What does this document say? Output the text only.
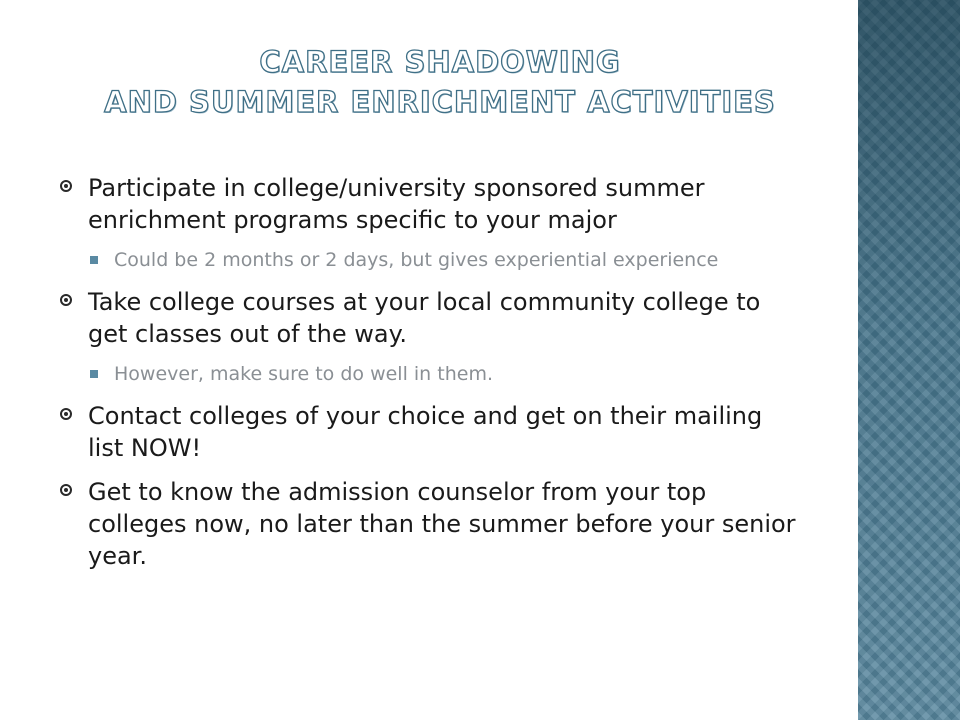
CAREER SHADOWING
AND SUMMER ENRICHMENT ACTIVITIES
Participate in college/university sponsored summer enrichment programs specific to your major
Could be 2 months or 2 days, but gives experiential experience
Take college courses at your local community college to get classes out of the way.
However, make sure to do well in them.
Contact colleges of your choice and get on their mailing list NOW!
Get to know the admission counselor from your top colleges now, no later than the summer before your senior year.
